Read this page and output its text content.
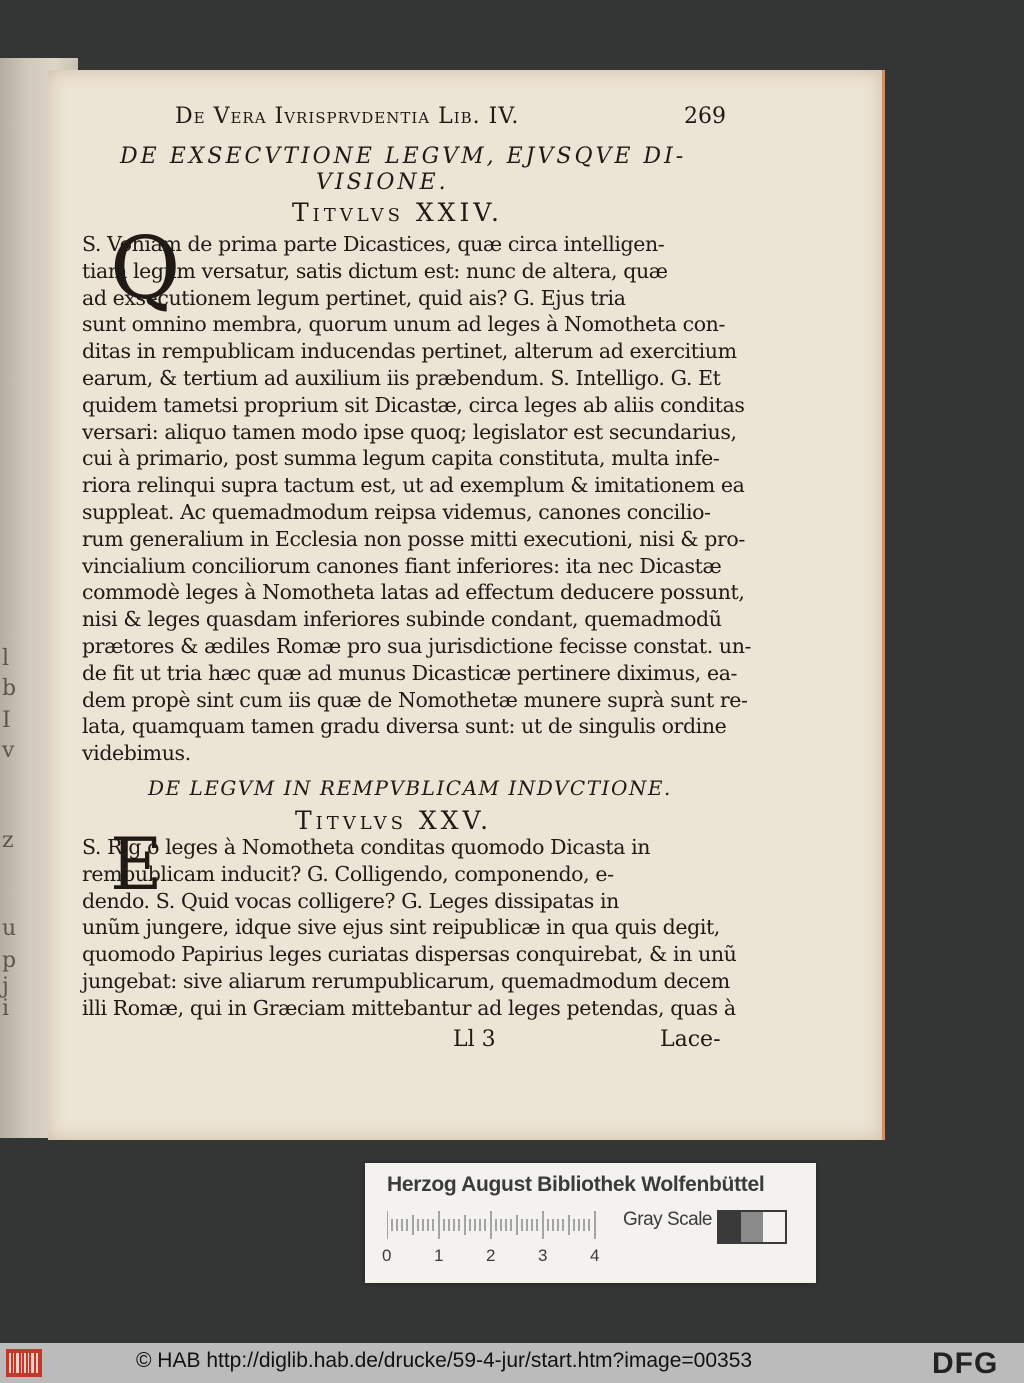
l
b
I
v
z
u
p
j
i
De Vera Ivrisprvdentia Lib. IV.	269
DE EXSECVTIONE LEGVM, EJVSQVE DI-
VISIONE.
Titvlvs XXIV.
Q
S. Voniam de prima parte Dicastices, quæ circa intelligen-
tiam legum versatur, satis dictum est: nunc de altera, quæ
ad exsecutionem legum pertinet, quid ais? G. Ejus tria
sunt omnino membra, quorum unum ad leges à Nomotheta con-
ditas in rempublicam inducendas pertinet, alterum ad exercitium
earum, & tertium ad auxilium iis præbendum. S. Intelligo. G. Et
quidem tametsi proprium sit Dicastæ, circa leges ab aliis conditas
versari: aliquo tamen modo ipse quoq; legislator est secundarius,
cui à primario, post summa legum capita constituta, multa infe-
riora relinqui supra tactum est, ut ad exemplum & imitationem ea
suppleat. Ac quemadmodum reipsa videmus, canones concilio-
rum generalium in Ecclesia non posse mitti executioni, nisi & pro-
vincialium conciliorum canones fiant inferiores: ita nec Dicastæ
commodè leges à Nomotheta latas ad effectum deducere possunt,
nisi & leges quasdam inferiores subinde condant, quemadmodũ
prætores & ædiles Romæ pro sua jurisdictione fecisse constat. un-
de fit ut tria hæc quæ ad munus Dicasticæ pertinere diximus, ea-
dem propè sint cum iis quæ de Nomothetæ munere suprà sunt re-
lata, quamquam tamen gradu diversa sunt: ut de singulis ordine
videbimus.
DE LEGVM IN REMPVBLICAM INDVCTIONE.
Titvlvs XXV.
E
S. R g o leges à Nomotheta conditas quomodo Dicasta in
rempublicam inducit? G. Colligendo, componendo, e-
dendo. S. Quid vocas colligere? G. Leges dissipatas in
unũm jungere, idque sive ejus sint reipublicæ in qua quis degit,
quomodo Papirius leges curiatas dispersas conquirebat, & in unũ
jungebat: sive aliarum rerumpublicarum, quemadmodum decem
illi Romæ, qui in Græciam mittebantur ad leges petendas, quas à
Ll 3	Lace-
Herzog August Bibliothek Wolfenbüttel
0	1	2	3	4
Gray Scale
© HAB http://diglib.hab.de/drucke/59-4-jur/start.htm?image=00353	DFG
